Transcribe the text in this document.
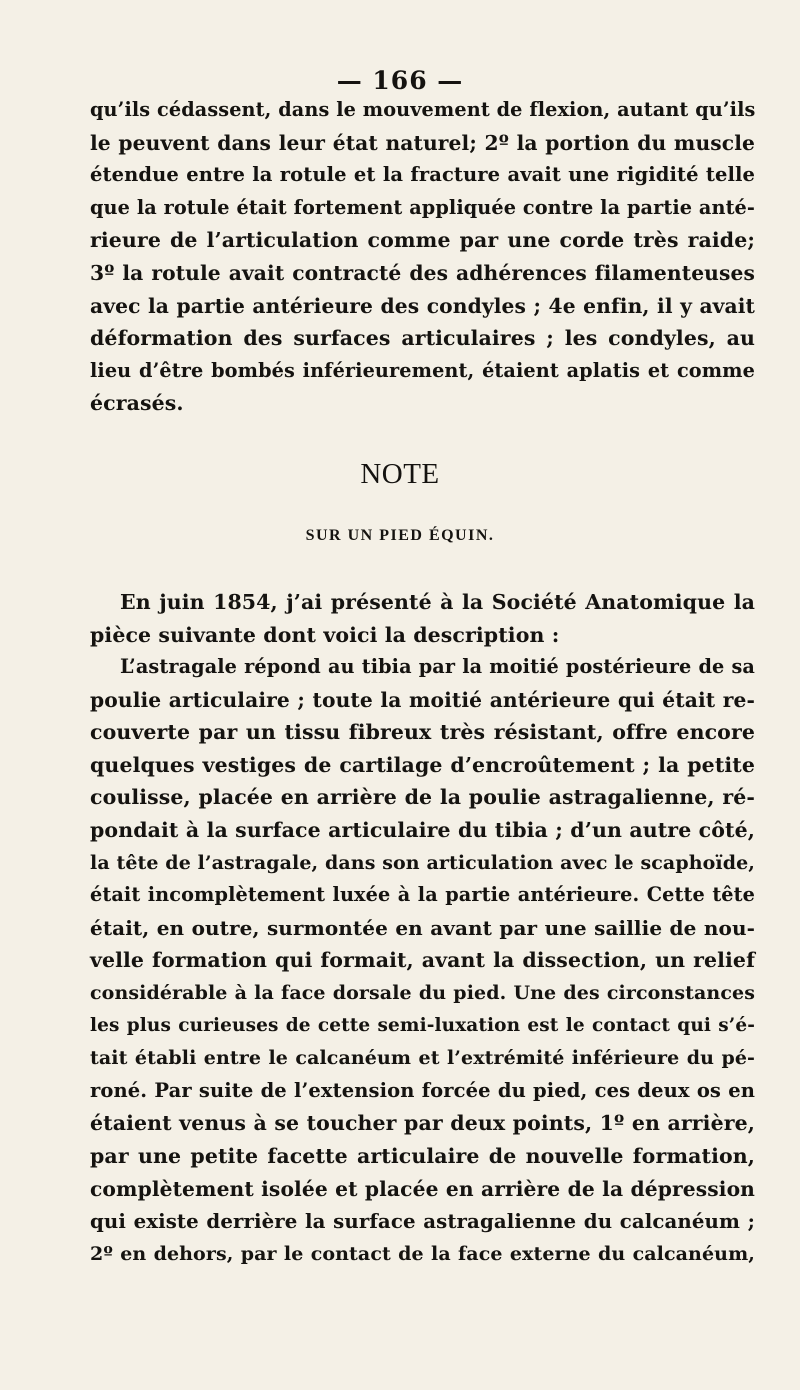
— 166 —
qu’ils cédassent, dans le mouvement de flexion, autant qu’ils
le peuvent dans leur état naturel; 2º la portion du muscle
étendue entre la rotule et la fracture avait une rigidité telle
que la rotule était fortement appliquée contre la partie anté-
rieure de l’articulation comme par une corde très raide;
3º la rotule avait contracté des adhérences filamenteuses
avec la partie antérieure des condyles ; 4e enfin, il y avait
déformation des surfaces articulaires ; les condyles, au
lieu d’être bombés inférieurement, étaient aplatis et comme
écrasés.
NOTE
SUR UN PIED ÉQUIN.
En juin 1854, j’ai présenté à la Société Anatomique la
pièce suivante dont voici la description :
L’astragale répond au tibia par la moitié postérieure de sa
poulie articulaire ; toute la moitié antérieure qui était re-
couverte par un tissu fibreux très résistant, offre encore
quelques vestiges de cartilage d’encroûtement ; la petite
coulisse, placée en arrière de la poulie astragalienne, ré-
pondait à la surface articulaire du tibia ; d’un autre côté,
la tête de l’astragale, dans son articulation avec le scaphoïde,
était incomplètement luxée à la partie antérieure. Cette tête
était, en outre, surmontée en avant par une saillie de nou-
velle formation qui formait, avant la dissection, un relief
considérable à la face dorsale du pied. Une des circonstances
les plus curieuses de cette semi-luxation est le contact qui s’é-
tait établi entre le calcanéum et l’extrémité inférieure du pé-
roné. Par suite de l’extension forcée du pied, ces deux os en
étaient venus à se toucher par deux points, 1º en arrière,
par une petite facette articulaire de nouvelle formation,
complètement isolée et placée en arrière de la dépression
qui existe derrière la surface astragalienne du calcanéum ;
2º en dehors, par le contact de la face externe du calcanéum,
